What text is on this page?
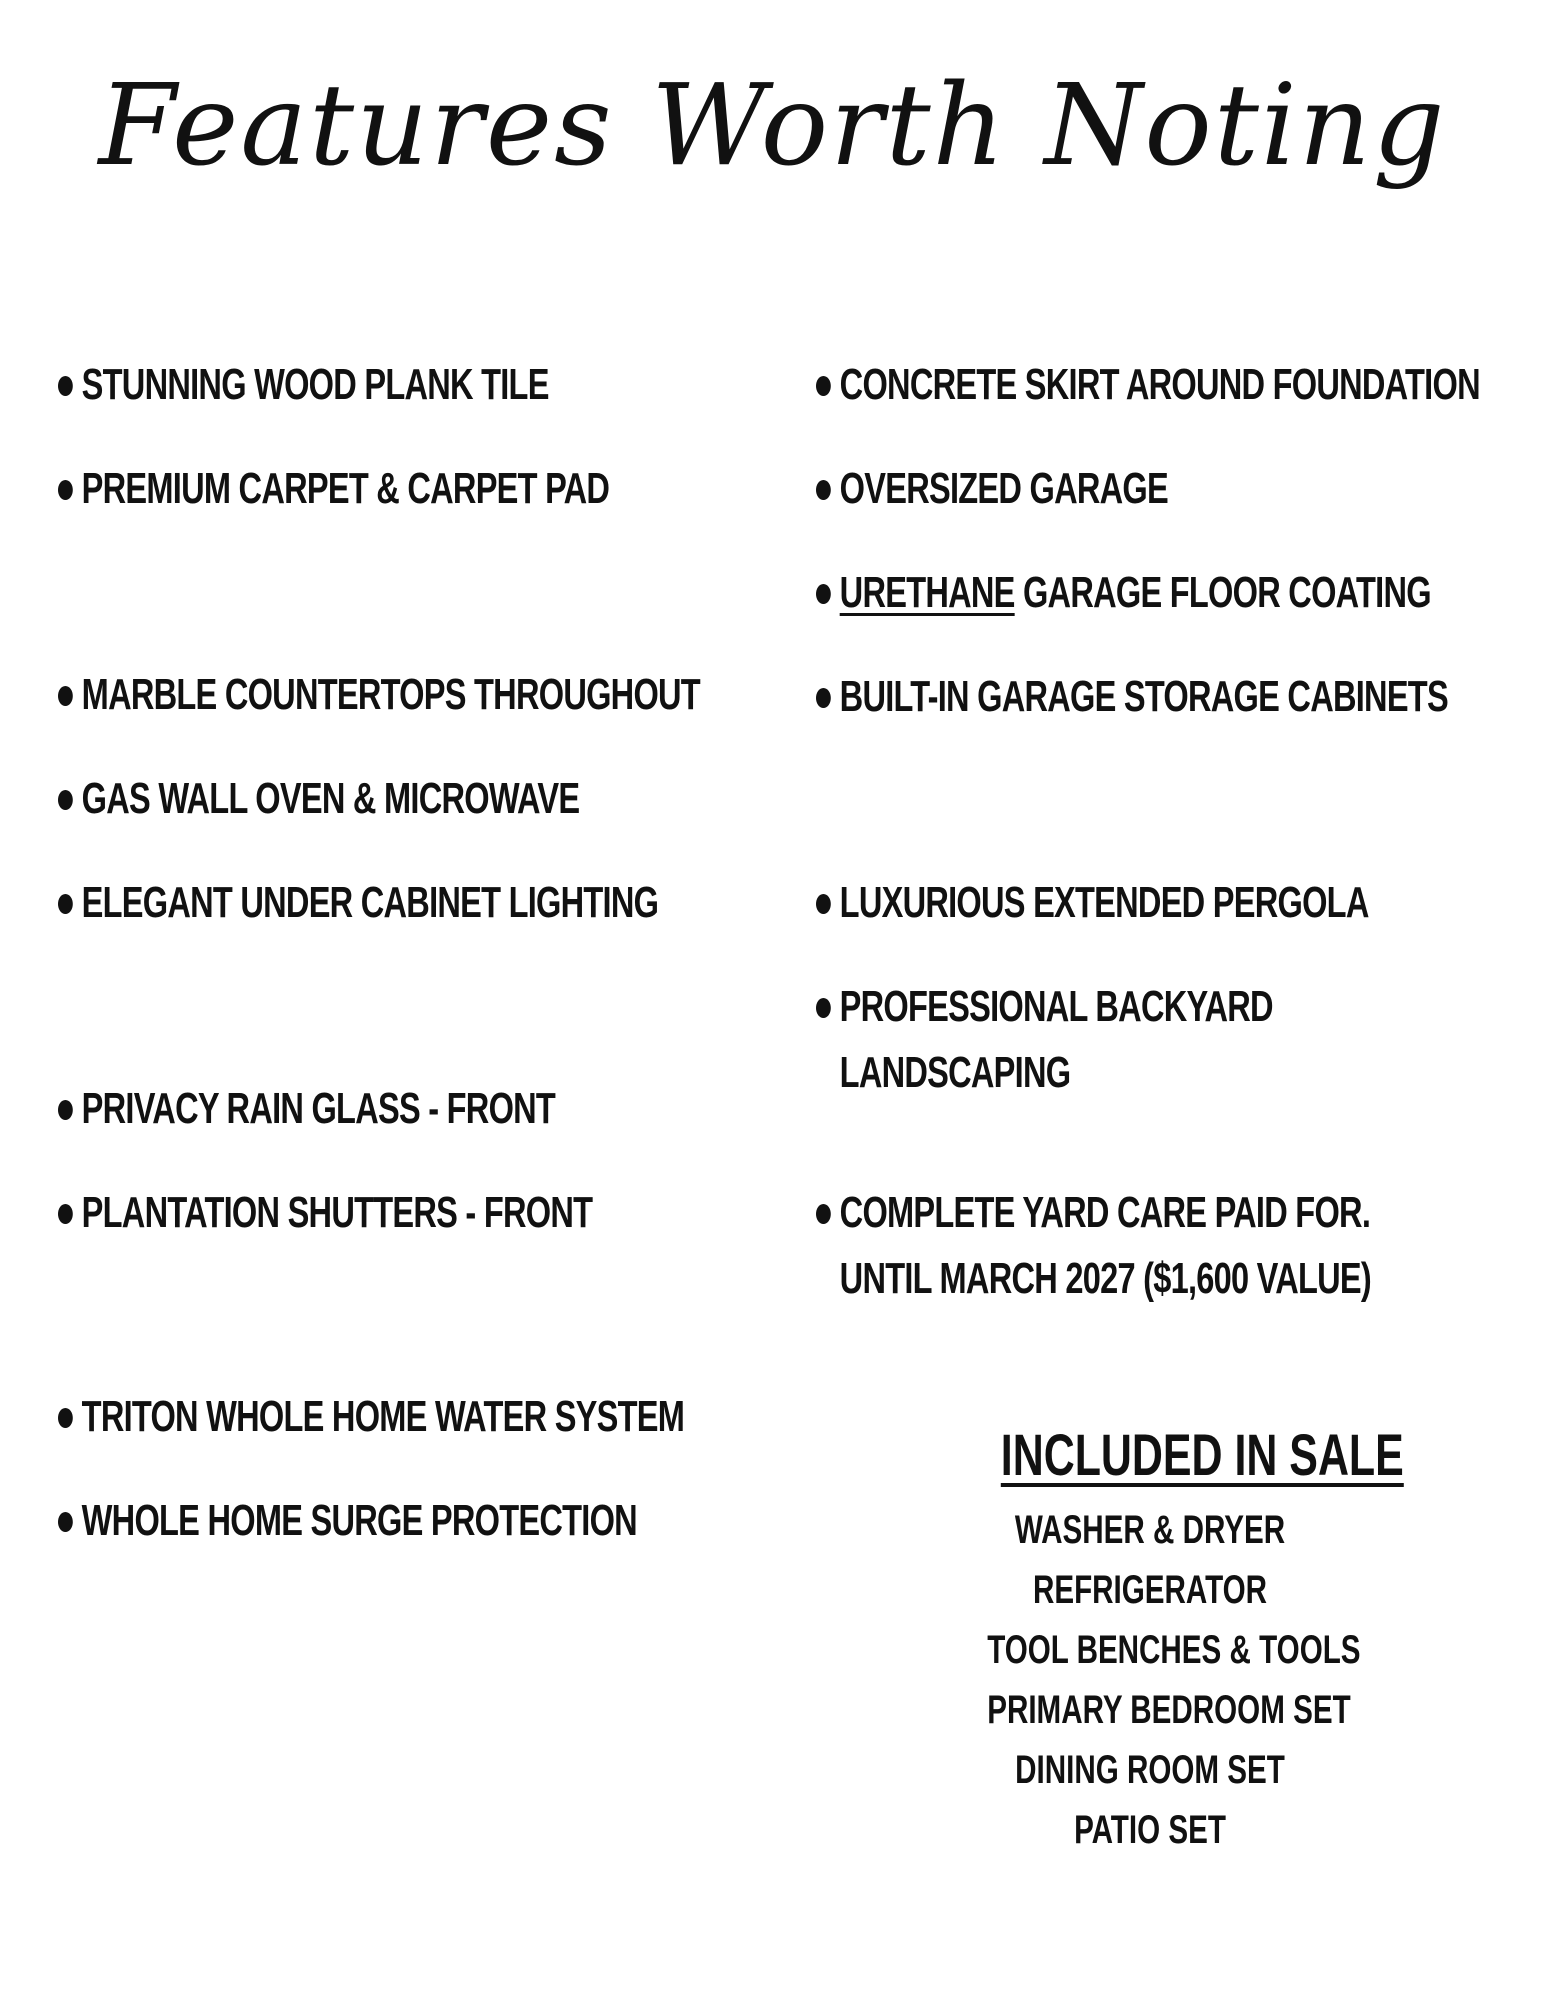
Features Worth Noting
STUNNING WOOD PLANK TILE
PREMIUM CARPET & CARPET PAD
MARBLE COUNTERTOPS THROUGHOUT
GAS WALL OVEN & MICROWAVE
ELEGANT UNDER CABINET LIGHTING
PRIVACY RAIN GLASS - FRONT
PLANTATION SHUTTERS - FRONT
TRITON WHOLE HOME WATER SYSTEM
WHOLE HOME SURGE PROTECTION
CONCRETE SKIRT AROUND FOUNDATION
OVERSIZED GARAGE
URETHANE GARAGE FLOOR COATING
BUILT-IN GARAGE STORAGE CABINETS
LUXURIOUS EXTENDED PERGOLA
PROFESSIONAL BACKYARD
LANDSCAPING
COMPLETE YARD CARE PAID FOR.
UNTIL MARCH 2027 ($1,600 VALUE)
INCLUDED IN SALE
WASHER & DRYER
REFRIGERATOR
TOOL BENCHES & TOOLS
PRIMARY BEDROOM SET
DINING ROOM SET
PATIO SET
